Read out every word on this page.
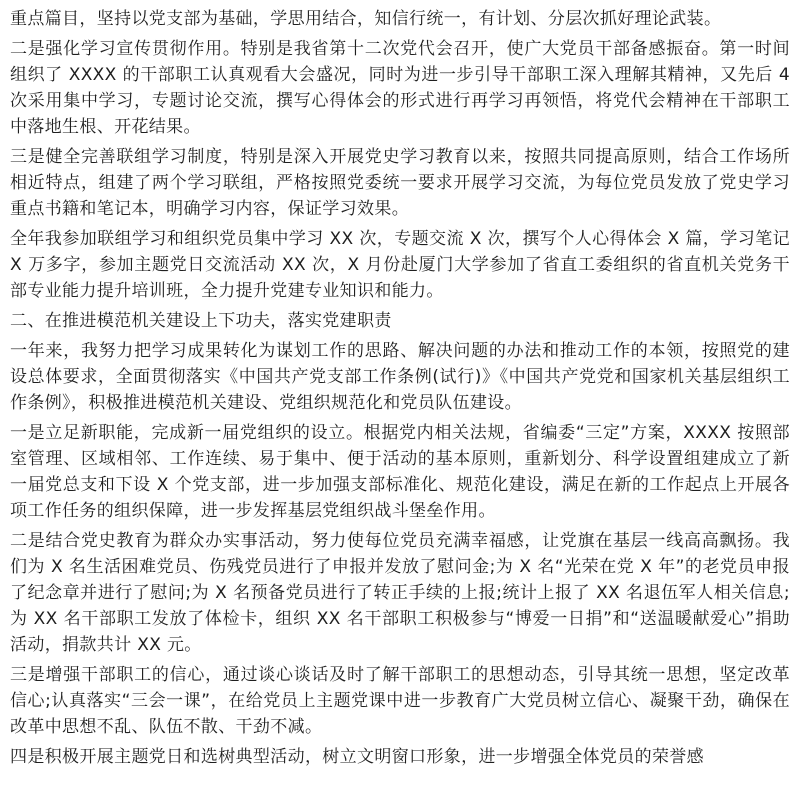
重点篇目，坚持以党支部为基础，学思用结合，知信行统一，有计划、分层次抓好理论武装。

二是强化学习宣传贯彻作用。特别是我省第十二次党代会召开，使广大党员干部备感振奋。第一时间组织了 XXXX 的干部职工认真观看大会盛况，同时为进一步引导干部职工深入理解其精神，又先后 4 次采用集中学习，专题讨论交流，撰写心得体会的形式进行再学习再领悟，将党代会精神在干部职工中落地生根、开花结果。

三是健全完善联组学习制度，特别是深入开展党史学习教育以来，按照共同提高原则，结合工作场所相近特点，组建了两个学习联组，严格按照党委统一要求开展学习交流，为每位党员发放了党史学习重点书籍和笔记本，明确学习内容，保证学习效果。

全年我参加联组学习和组织党员集中学习 XX 次，专题交流 X 次，撰写个人心得体会 X 篇，学习笔记 X 万多字，参加主题党日交流活动 XX 次，X 月份赴厦门大学参加了省直工委组织的省直机关党务干部专业能力提升培训班，全力提升党建专业知识和能力。

二、在推进模范机关建设上下功夫，落实党建职责

一年来，我努力把学习成果转化为谋划工作的思路、解决问题的办法和推动工作的本领，按照党的建设总体要求，全面贯彻落实《中国共产党支部工作条例(试行)》《中国共产党党和国家机关基层组织工作条例》，积极推进模范机关建设、党组织规范化和党员队伍建设。

一是立足新职能，完成新一届党组织的设立。根据党内相关法规，省编委“三定”方案，XXXX 按照部室管理、区域相邻、工作连续、易于集中、便于活动的基本原则，重新划分、科学设置组建成立了新一届党总支和下设 X 个党支部，进一步加强支部标准化、规范化建设，满足在新的工作起点上开展各项工作任务的组织保障，进一步发挥基层党组织战斗堡垒作用。

二是结合党史教育为群众办实事活动，努力使每位党员充满幸福感，让党旗在基层一线高高飘扬。我们为 X 名生活困难党员、伤残党员进行了申报并发放了慰问金;为 X 名“光荣在党 X 年”的老党员申报了纪念章并进行了慰问;为 X 名预备党员进行了转正手续的上报;统计上报了 XX 名退伍军人相关信息;为 XX 名干部职工发放了体检卡，组织 XX 名干部职工积极参与“博爱一日捐”和“送温暖献爱心”捐助活动，捐款共计 XX 元。

三是增强干部职工的信心，通过谈心谈话及时了解干部职工的思想动态，引导其统一思想，坚定改革信心;认真落实“三会一课”，在给党员上主题党课中进一步教育广大党员树立信心、凝聚干劲，确保在改革中思想不乱、队伍不散、干劲不减。

四是积极开展主题党日和选树典型活动，树立文明窗口形象，进一步增强全体党员的荣誉感
